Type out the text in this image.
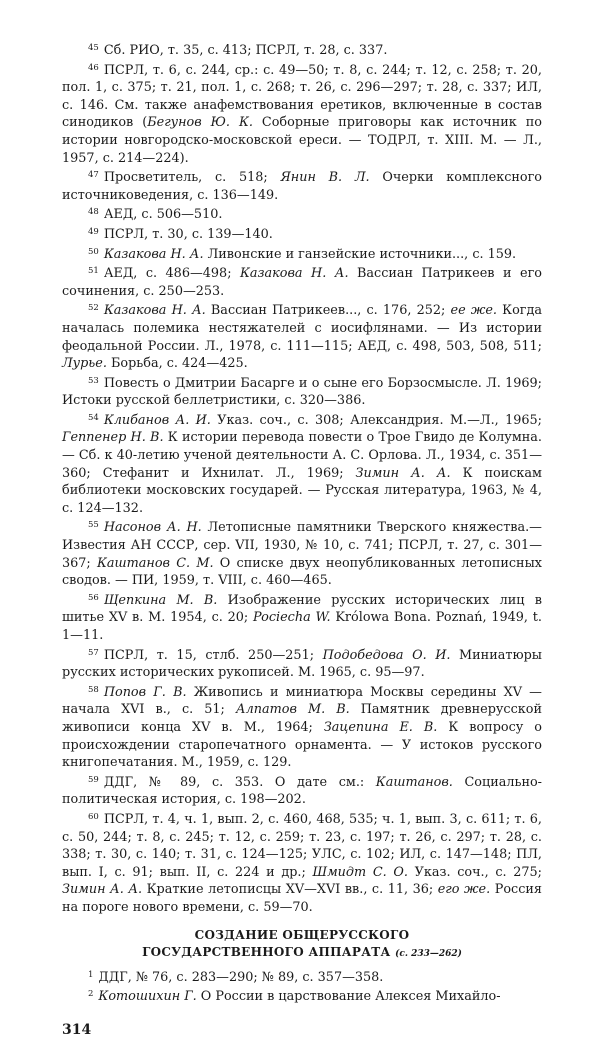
$^{45}$ Сб. РИО, т. 35, с. 413; ПСРЛ, т. 28, с. 337.

$^{46}$ ПСРЛ, т. 6, с. 244, ср.: с. 49—50; т. 8, с. 244; т. 12, с. 258; т. 20, пол. 1, с. 375; т. 21, пол. 1, с. 268; т. 26, с. 296—297; т. 28, с. 337; ИЛ, с. 146. См. также анафемствования еретиков, включенные в состав синодиков (Бегунов Ю. К. Соборные приговоры как источник по истории новгородско-московской ереси. — ТОДРЛ, т. XIII. М. — Л., 1957, с. 214—224).

$^{47}$ Просветитель, с. 518; Янин В. Л. Очерки комплексного источниковедения, с. 136—149.

$^{48}$ АЕД, с. 506—510.

$^{49}$ ПСРЛ, т. 30, с. 139—140.

$^{50}$ Казакова Н. А. Ливонские и ганзейские источники..., с. 159.

$^{51}$ АЕД, с. 486—498; Казакова Н. А. Вассиан Патрикеев и его сочинения, с. 250—253.

$^{52}$ Казакова Н. А. Вассиан Патрикеев..., с. 176, 252; ее же. Когда началась полемика нестяжателей с иосифлянами. — Из истории феодальной России. Л., 1978, с. 111—115; АЕД, с. 498, 503, 508, 511; Лурье. Борьба, с. 424—425.

$^{53}$ Повесть о Дмитрии Басарге и о сыне его Борзосмысле. Л. 1969; Истоки русской беллетристики, с. 320—386.

$^{54}$ Клибанов А. И. Указ. соч., с. 308; Александрия. М.—Л., 1965; Геппенер Н. В. К истории перевода повести о Трое Гвидо де Колумна. — Сб. к 40-летию ученой деятельности А. С. Орлова. Л., 1934, с. 351—360; Стефанит и Ихнилат. Л., 1969; Зимин А. А. К поискам библиотеки московских государей. — Русская литература, 1963, № 4, с. 124—132.

$^{55}$ Насонов А. Н. Летописные памятники Тверского княжества.— Известия АН СССР, сер. VII, 1930, № 10, с. 741; ПСРЛ, т. 27, с. 301—367; Каштанов С. М. О списке двух неопубликованных летописных сводов. — ПИ, 1959, т. VIII, с. 460—465.

$^{56}$ Щепкина М. В. Изображение русских исторических лиц в шитье XV в. М. 1954, с. 20; Pociecha W. Królowa Bona. Poznań, 1949, t. 1—11.

$^{57}$ ПСРЛ, т. 15, стлб. 250—251; Подобедова О. И. Миниатюры русских исторических рукописей. М. 1965, с. 95—97.

$^{58}$ Попов Г. В. Живопись и миниатюра Москвы середины XV — начала XVI в., с. 51; Алпатов М. В. Памятник древнерусской живописи конца XV в. М., 1964; Зацепина Е. В. К вопросу о происхождении старопечатного орнамента. — У истоков русского книгопечатания. М., 1959, с. 129.

$^{59}$ ДДГ, № 89, с. 353. О дате см.: Каштанов. Социально-политическая история, с. 198—202.

$^{60}$ ПСРЛ, т. 4, ч. 1, вып. 2, с. 460, 468, 535; ч. 1, вып. 3, с. 611; т. 6, с. 50, 244; т. 8, с. 245; т. 12, с. 259; т. 23, с. 197; т. 26, с. 297; т. 28, с. 338; т. 30, с. 140; т. 31, с. 124—125; УЛС, с. 102; ИЛ, с. 147—148; ПЛ, вып. I, с. 91; вып. II, с. 224 и др.; Шмидт С. О. Указ. соч., с. 275; Зимин А. А. Краткие летописцы XV—XVI вв., с. 11, 36; его же. Россия на пороге нового времени, с. 59—70.

СОЗДАНИЕ ОБЩЕРУССКОГО
ГОСУДАРСТВЕННОГО АППАРАТА (с. 233—262)

$^1$ ДДГ, № 76, с. 283—290; № 89, с. 357—358.

$^2$ Котошихин Г. О России в царствование Алексея Михайло-

314
